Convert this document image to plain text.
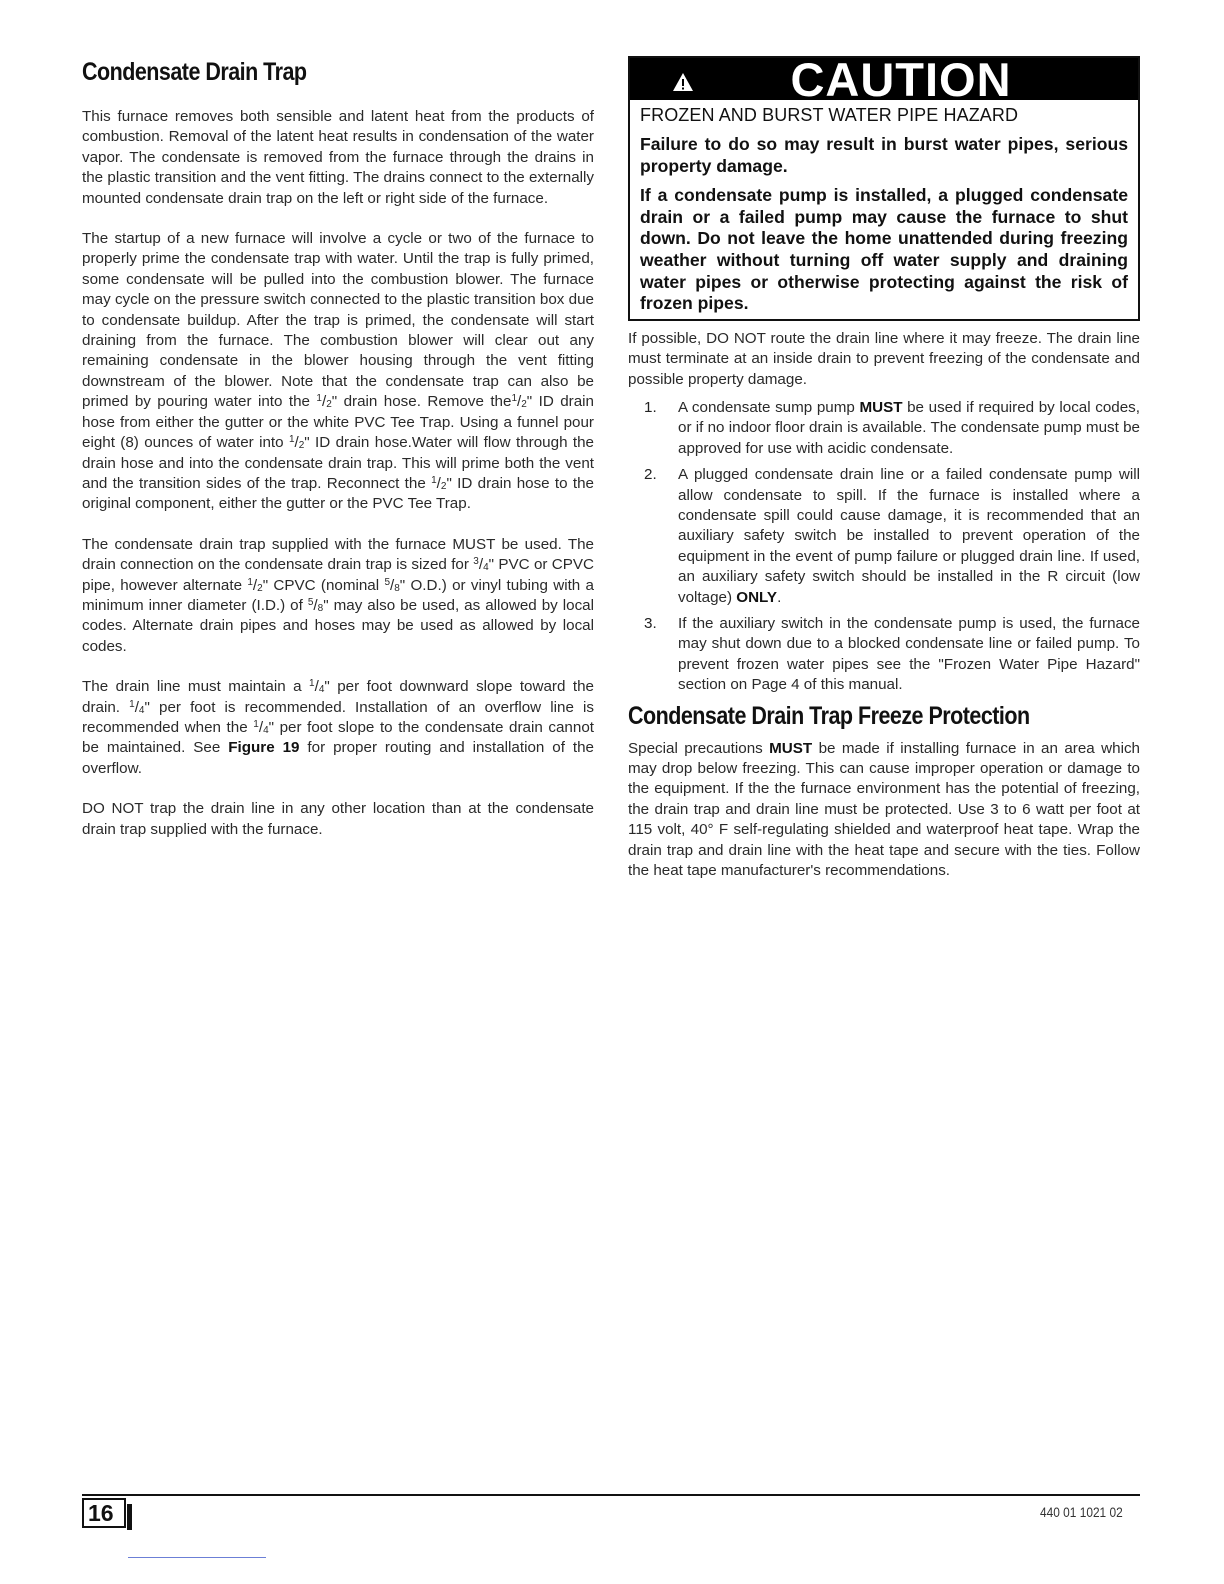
Condensate Drain Trap

This furnace removes both sensible and latent heat from the products of combustion. Removal of the latent heat results in condensation of the water vapor. The condensate is removed from the furnace through the drains in the plastic transition and the vent fitting. The drains connect to the externally mounted condensate drain trap on the left or right side of the furnace.

The startup of a new furnace will involve a cycle or two of the furnace to properly prime the condensate trap with water. Until the trap is fully primed, some condensate will be pulled into the combustion blower. The furnace may cycle on the pressure switch connected to the plastic transition box due to condensate buildup. After the trap is primed, the condensate will start draining from the furnace. The combustion blower will clear out any remaining condensate in the blower housing through the vent fitting downstream of the blower. Note that the condensate trap can also be primed by pouring water into the $^1/_2$" drain hose. Remove $the^1/_2$" ID drain hose from either the gutter or the white PVC Tee Trap. Using a funnel pour eight (8) ounces of water into $^1/_2$" ID drain hose.Water will flow through the drain hose and into the condensate drain trap. This will prime both the vent and the transition sides of the trap. Reconnect the $^1/_2$" ID drain hose to the original component, either the gutter or the PVC Tee Trap.

The condensate drain trap supplied with the furnace MUST be used. The drain connection on the condensate drain trap is sized for $^3/_4$" PVC or CPVC pipe, however alternate $^1/_2$" CPVC (nominal $^5/_8$" O.D.) or vinyl tubing with a minimum inner diameter (I.D.) of $^5/_8$" may also be used, as allowed by local codes. Alternate drain pipes and hoses may be used as allowed by local codes.

The drain line must maintain a $^1/_4$" per foot downward slope toward the drain. $^1/_4$" per foot is recommended. Installation of an overflow line is recommended when the $^1/_4$" per foot slope to the condensate drain cannot be maintained. See Figure 19 for proper routing and installation of the overflow.

DO NOT trap the drain line in any other location than at the condensate drain trap supplied with the furnace.

CAUTION

FROZEN AND BURST WATER PIPE HAZARD

Failure to do so may result in burst water pipes, serious property damage.

If a condensate pump is installed, a plugged condensate drain or a failed pump may cause the furnace to shut down. Do not leave the home unattended during freezing weather without turning off water supply and draining water pipes or otherwise protecting against the risk of frozen pipes.

If possible, DO NOT route the drain line where it may freeze. The drain line must terminate at an inside drain to prevent freezing of the condensate and possible property damage.

1. A condensate sump pump MUST be used if required by local codes, or if no indoor floor drain is available. The condensate pump must be approved for use with acidic condensate.
2. A plugged condensate drain line or a failed condensate pump will allow condensate to spill. If the furnace is installed where a condensate spill could cause damage, it is recommended that an auxiliary safety switch be installed to prevent operation of the equipment in the event of pump failure or plugged drain line. If used, an auxiliary safety switch should be installed in the R circuit (low voltage) ONLY.
3. If the auxiliary switch in the condensate pump is used, the furnace may shut down due to a blocked condensate line or failed pump. To prevent frozen water pipes see the "Frozen Water Pipe Hazard" section on Page 4 of this manual.
Condensate Drain Trap Freeze Protection

Special precautions MUST be made if installing furnace in an area which may drop below freezing. This can cause improper operation or damage to the equipment. If the the furnace environment has the potential of freezing, the drain trap and drain line must be protected. Use 3 to 6 watt per foot at 115 volt, 40° F self-regulating shielded and waterproof heat tape. Wrap the drain trap and drain line with the heat tape and secure with the ties. Follow the heat tape manufacturer's recommendations.

16	440 01 1021 02
